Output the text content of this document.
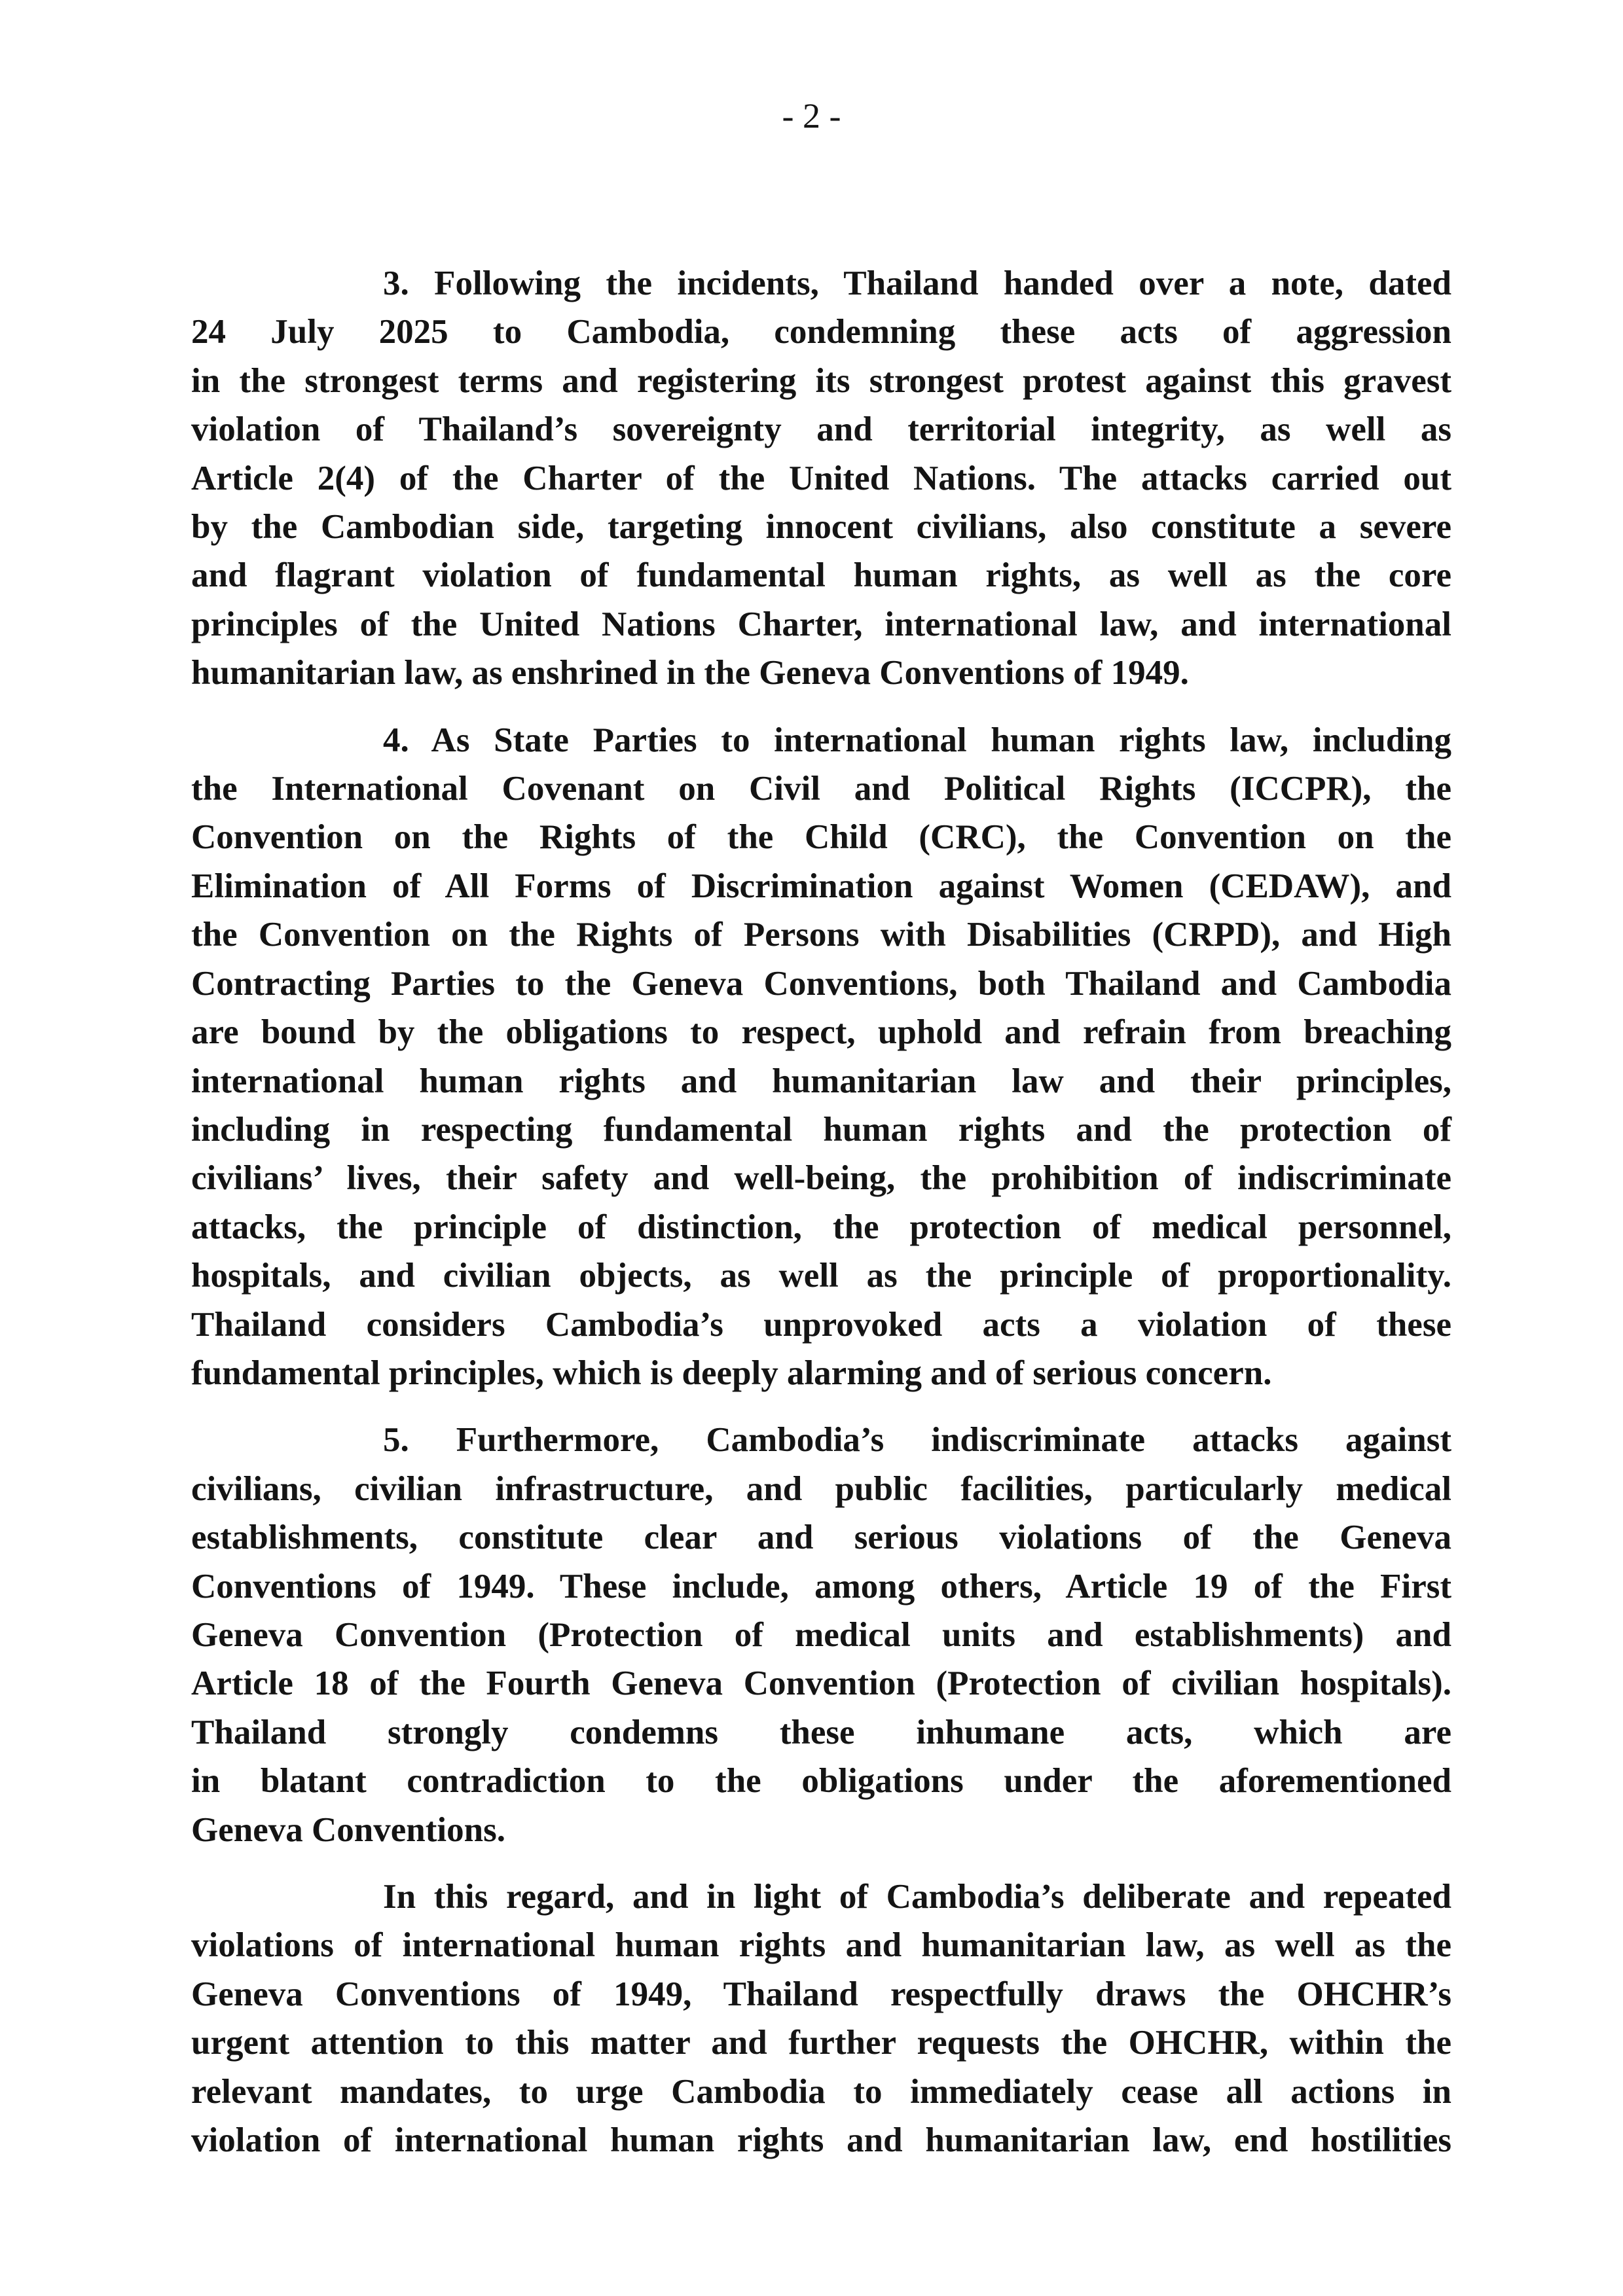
- 2 -
3. Following the incidents, Thailand handed over a note, dated
24 July 2025 to Cambodia, condemning these acts of aggression
in the strongest terms and registering its strongest protest against this gravest
violation of Thailand’s sovereignty and territorial integrity, as well as
Article 2(4) of the Charter of the United Nations. The attacks carried out
by the Cambodian side, targeting innocent civilians, also constitute a severe
and flagrant violation of fundamental human rights, as well as the core
principles of the United Nations Charter, international law, and international
humanitarian law, as enshrined in the Geneva Conventions of 1949.
4. As State Parties to international human rights law, including
the International Covenant on Civil and Political Rights (ICCPR), the
Convention on the Rights of the Child (CRC), the Convention on the
Elimination of All Forms of Discrimination against Women (CEDAW), and
the Convention on the Rights of Persons with Disabilities (CRPD), and High
Contracting Parties to the Geneva Conventions, both Thailand and Cambodia
are bound by the obligations to respect, uphold and refrain from breaching
international human rights and humanitarian law and their principles,
including in respecting fundamental human rights and the protection of
civilians’ lives, their safety and well-being, the prohibition of indiscriminate
attacks, the principle of distinction, the protection of medical personnel,
hospitals, and civilian objects, as well as the principle of proportionality.
Thailand considers Cambodia’s unprovoked acts a violation of these
fundamental principles, which is deeply alarming and of serious concern.
5. Furthermore, Cambodia’s indiscriminate attacks against
civilians, civilian infrastructure, and public facilities, particularly medical
establishments, constitute clear and serious violations of the Geneva
Conventions of 1949. These include, among others, Article 19 of the First
Geneva Convention (Protection of medical units and establishments) and
Article 18 of the Fourth Geneva Convention (Protection of civilian hospitals).
Thailand strongly condemns these inhumane acts, which are
in blatant contradiction to the obligations under the aforementioned
Geneva Conventions.
In this regard, and in light of Cambodia’s deliberate and repeated
violations of international human rights and humanitarian law, as well as the
Geneva Conventions of 1949, Thailand respectfully draws the OHCHR’s
urgent attention to this matter and further requests the OHCHR, within the
relevant mandates, to urge Cambodia to immediately cease all actions in
violation of international human rights and humanitarian law, end hostilities
